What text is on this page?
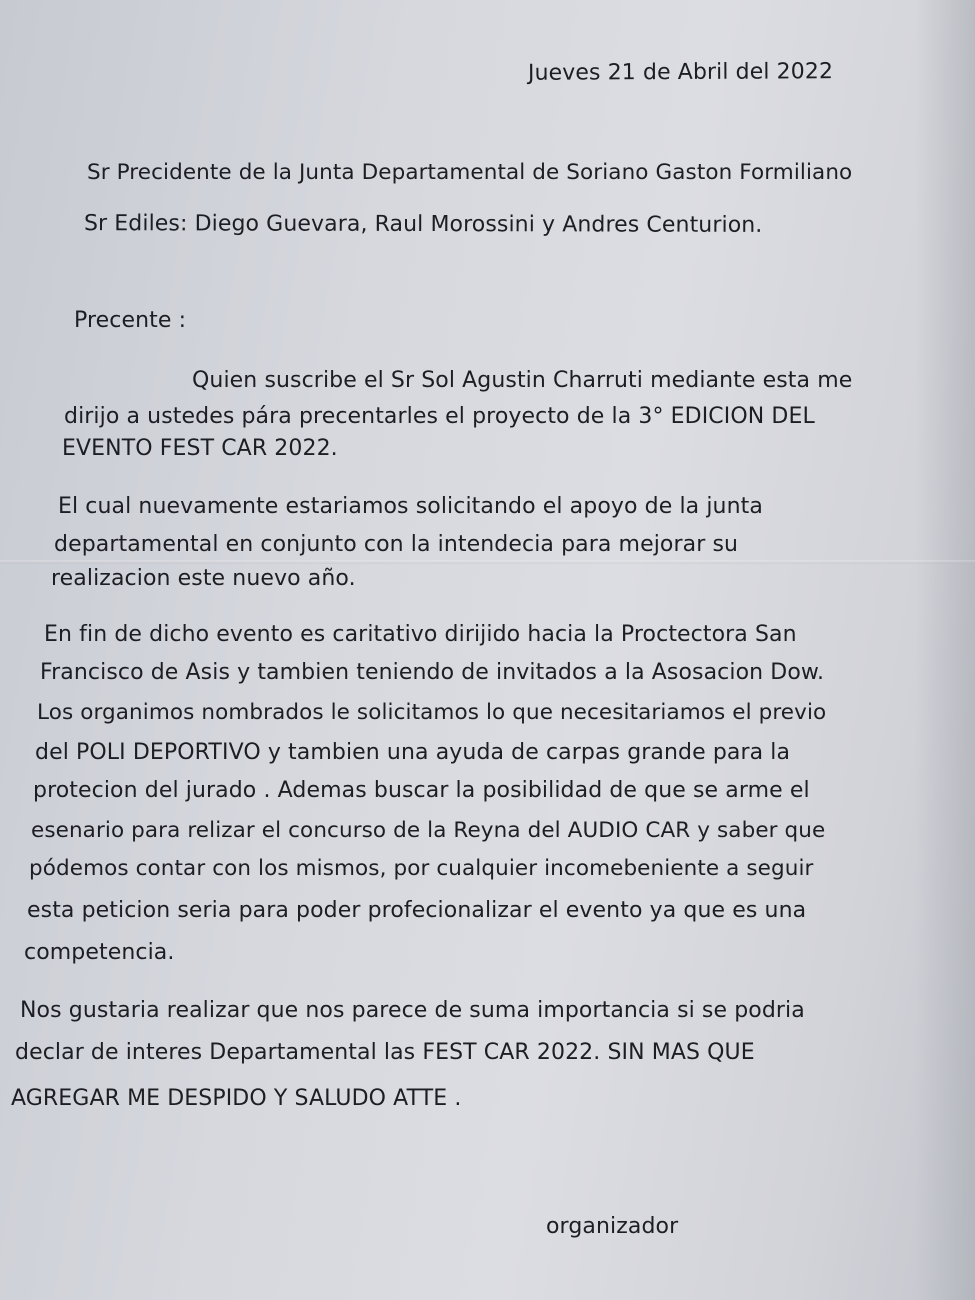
Jueves 21 de Abril del 2022
Sr Precidente de la Junta Departamental de Soriano Gaston Formiliano
Sr Ediles: Diego Guevara, Raul Morossini y Andres Centurion.
Precente :
Quien suscribe el Sr Sol Agustin Charruti mediante esta me
dirijo a ustedes pára precentarles el proyecto de la 3° EDICION DEL
EVENTO FEST CAR 2022.
El cual nuevamente estariamos solicitando el apoyo de la junta
departamental en conjunto con la intendecia para mejorar su
realizacion este nuevo año.
En fin de dicho evento es caritativo dirijido hacia la Proctectora San
Francisco de Asis y tambien teniendo de invitados a la Asosacion Dow.
Los organimos nombrados le solicitamos lo que necesitariamos el previo
del POLI DEPORTIVO y tambien una ayuda de carpas grande para la
protecion del jurado . Ademas buscar la posibilidad de que se arme el
esenario para relizar el concurso de la Reyna del AUDIO CAR y saber que
pódemos contar con los mismos, por cualquier incomebeniente a seguir
esta peticion seria para poder profecionalizar el evento ya que es una
competencia.
Nos gustaria realizar que nos parece de suma importancia si se podria
declar de interes Departamental las FEST CAR 2022. SIN MAS QUE
AGREGAR ME DESPIDO Y SALUDO ATTE .
organizador
